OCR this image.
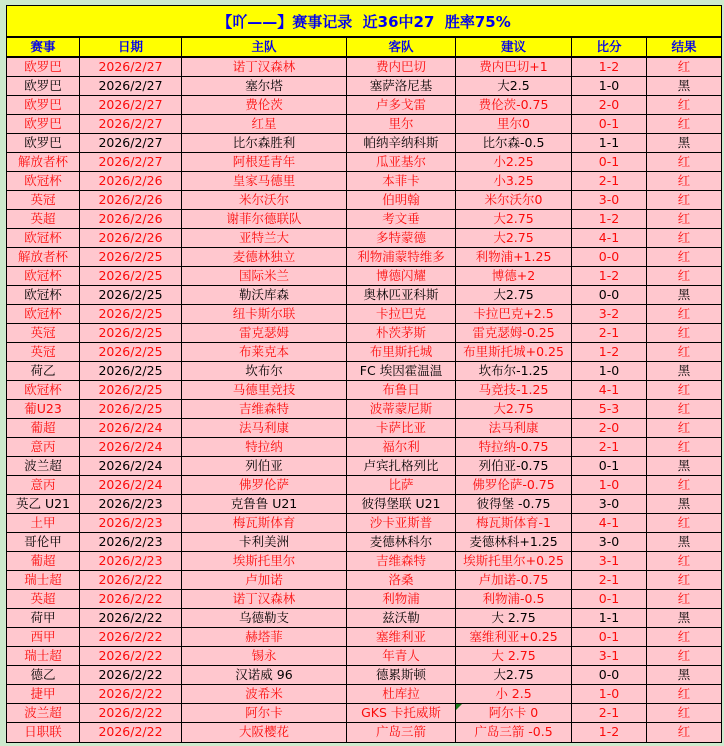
【吖——】赛事记录  近36中27  胜率75%
赛事	日期	主队	客队	建议	比分	结果
欧罗巴	2026/2/27	诺丁汉森林	费内巴切	费内巴切+1	1-2	红
欧罗巴	2026/2/27	塞尔塔	塞萨洛尼基	大2.5	1-0	黑
欧罗巴	2026/2/27	费伦茨	卢多戈雷	费伦茨-0.75	2-0	红
欧罗巴	2026/2/27	红星	里尔	里尔0	0-1	红
欧罗巴	2026/2/27	比尔森胜利	帕纳辛纳科斯	比尔森-0.5	1-1	黑
解放者杯	2026/2/27	阿根廷青年	瓜亚基尔	小2.25	0-1	红
欧冠杯	2026/2/26	皇家马德里	本菲卡	小3.25	2-1	红
英冠	2026/2/26	米尔沃尔	伯明翰	米尔沃尔0	3-0	红
英超	2026/2/26	谢菲尔德联队	考文垂	大2.75	1-2	红
欧冠杯	2026/2/26	亚特兰大	多特蒙德	大2.75	4-1	红
解放者杯	2026/2/25	麦德林独立	利物浦蒙特维多	利物浦+1.25	0-0	红
欧冠杯	2026/2/25	国际米兰	博德闪耀	博德+2	1-2	红
欧冠杯	2026/2/25	勒沃库森	奥林匹亚科斯	大2.75	0-0	黑
欧冠杯	2026/2/25	纽卡斯尔联	卡拉巴克	卡拉巴克+2.5	3-2	红
英冠	2026/2/25	雷克瑟姆	朴茨茅斯	雷克瑟姆-0.25	2-1	红
英冠	2026/2/25	布莱克本	布里斯托城	布里斯托城+0.25	1-2	红
荷乙	2026/2/25	坎布尔	FC 埃因霍温温	坎布尔-1.25	1-0	黑
欧冠杯	2026/2/25	马德里竞技	布鲁日	马竞技-1.25	4-1	红
葡U23	2026/2/25	吉维森特	波蒂蒙尼斯	大2.75	5-3	红
葡超	2026/2/24	法马利康	卡萨比亚	法马利康	2-0	红
意丙	2026/2/24	特拉纳	福尔利	特拉纳-0.75	2-1	红
波兰超	2026/2/24	列伯亚	卢宾扎格列比	列伯亚-0.75	0-1	黑
意丙	2026/2/24	佛罗伦萨	比萨	佛罗伦萨-0.75	1-0	红
英乙 U21	2026/2/23	克鲁鲁 U21	彼得堡联 U21	彼得堡 -0.75	3-0	黑
土甲	2026/2/23	梅瓦斯体育	沙卡亚斯普	梅瓦斯体育-1	4-1	红
哥伦甲	2026/2/23	卡利美洲	麦德林科尔	麦德林科+1.25	3-0	黑
葡超	2026/2/23	埃斯托里尔	吉维森特	埃斯托里尔+0.25	3-1	红
瑞士超	2026/2/22	卢加诺	洛桑	卢加诺-0.75	2-1	红
英超	2026/2/22	诺丁汉森林	利物浦	利物浦-0.5	0-1	红
荷甲	2026/2/22	乌德勒支	兹沃勒	大 2.75	1-1	黑
西甲	2026/2/22	赫塔菲	塞维利亚	塞维利亚+0.25	0-1	红
瑞士超	2026/2/22	锡永	年青人	大 2.75	3-1	红
德乙	2026/2/22	汉诺威 96	德累斯顿	大2.75	0-0	黑
捷甲	2026/2/22	波希米	杜库拉	小 2.5	1-0	红
波兰超	2026/2/22	阿尔卡	GKS 卡托威斯	阿尔卡 0	2-1	红
日职联	2026/2/22	大阪樱花	广岛三箭	广岛三箭 -0.5	1-2	红
